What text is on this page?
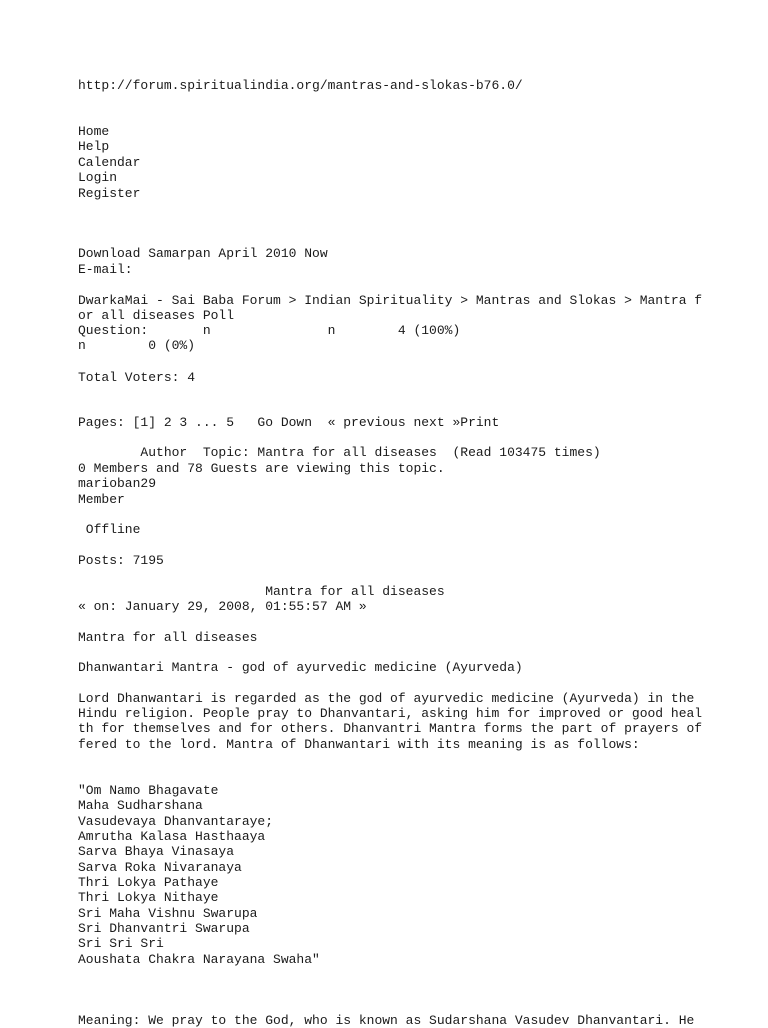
http://forum.spiritualindia.org/mantras-and-slokas-b76.0/

Home

Help

Calendar

Login

Register

Download Samarpan April 2010 Now

E-mail:

DwarkaMai - Sai Baba Forum > Indian Spirituality > Mantras and Slokas > Mantra f

or all diseases Poll

Question:       n               n        4 (100%)

n        0 (0%)

Total Voters: 4

Pages: [1] 2 3 ... 5   Go Down  « previous next »Print

Author  Topic: Mantra for all diseases  (Read 103475 times)

0 Members and 78 Guests are viewing this topic.

marioban29

Member

Offline

Posts: 7195

Mantra for all diseases

« on: January 29, 2008, 01:55:57 AM »

Mantra for all diseases

Dhanwantari Mantra - god of ayurvedic medicine (Ayurveda)

Lord Dhanwantari is regarded as the god of ayurvedic medicine (Ayurveda) in the

Hindu religion. People pray to Dhanvantari, asking him for improved or good heal

th for themselves and for others. Dhanvantri Mantra forms the part of prayers of

fered to the lord. Mantra of Dhanwantari with its meaning is as follows:

"Om Namo Bhagavate

Maha Sudharshana

Vasudevaya Dhanvantaraye;

Amrutha Kalasa Hasthaaya

Sarva Bhaya Vinasaya

Sarva Roka Nivaranaya

Thri Lokya Pathaye

Thri Lokya Nithaye

Sri Maha Vishnu Swarupa

Sri Dhanvantri Swarupa

Sri Sri Sri

Aoushata Chakra Narayana Swaha"

Meaning: We pray to the God, who is known as Sudarshana Vasudev Dhanvantari. He
